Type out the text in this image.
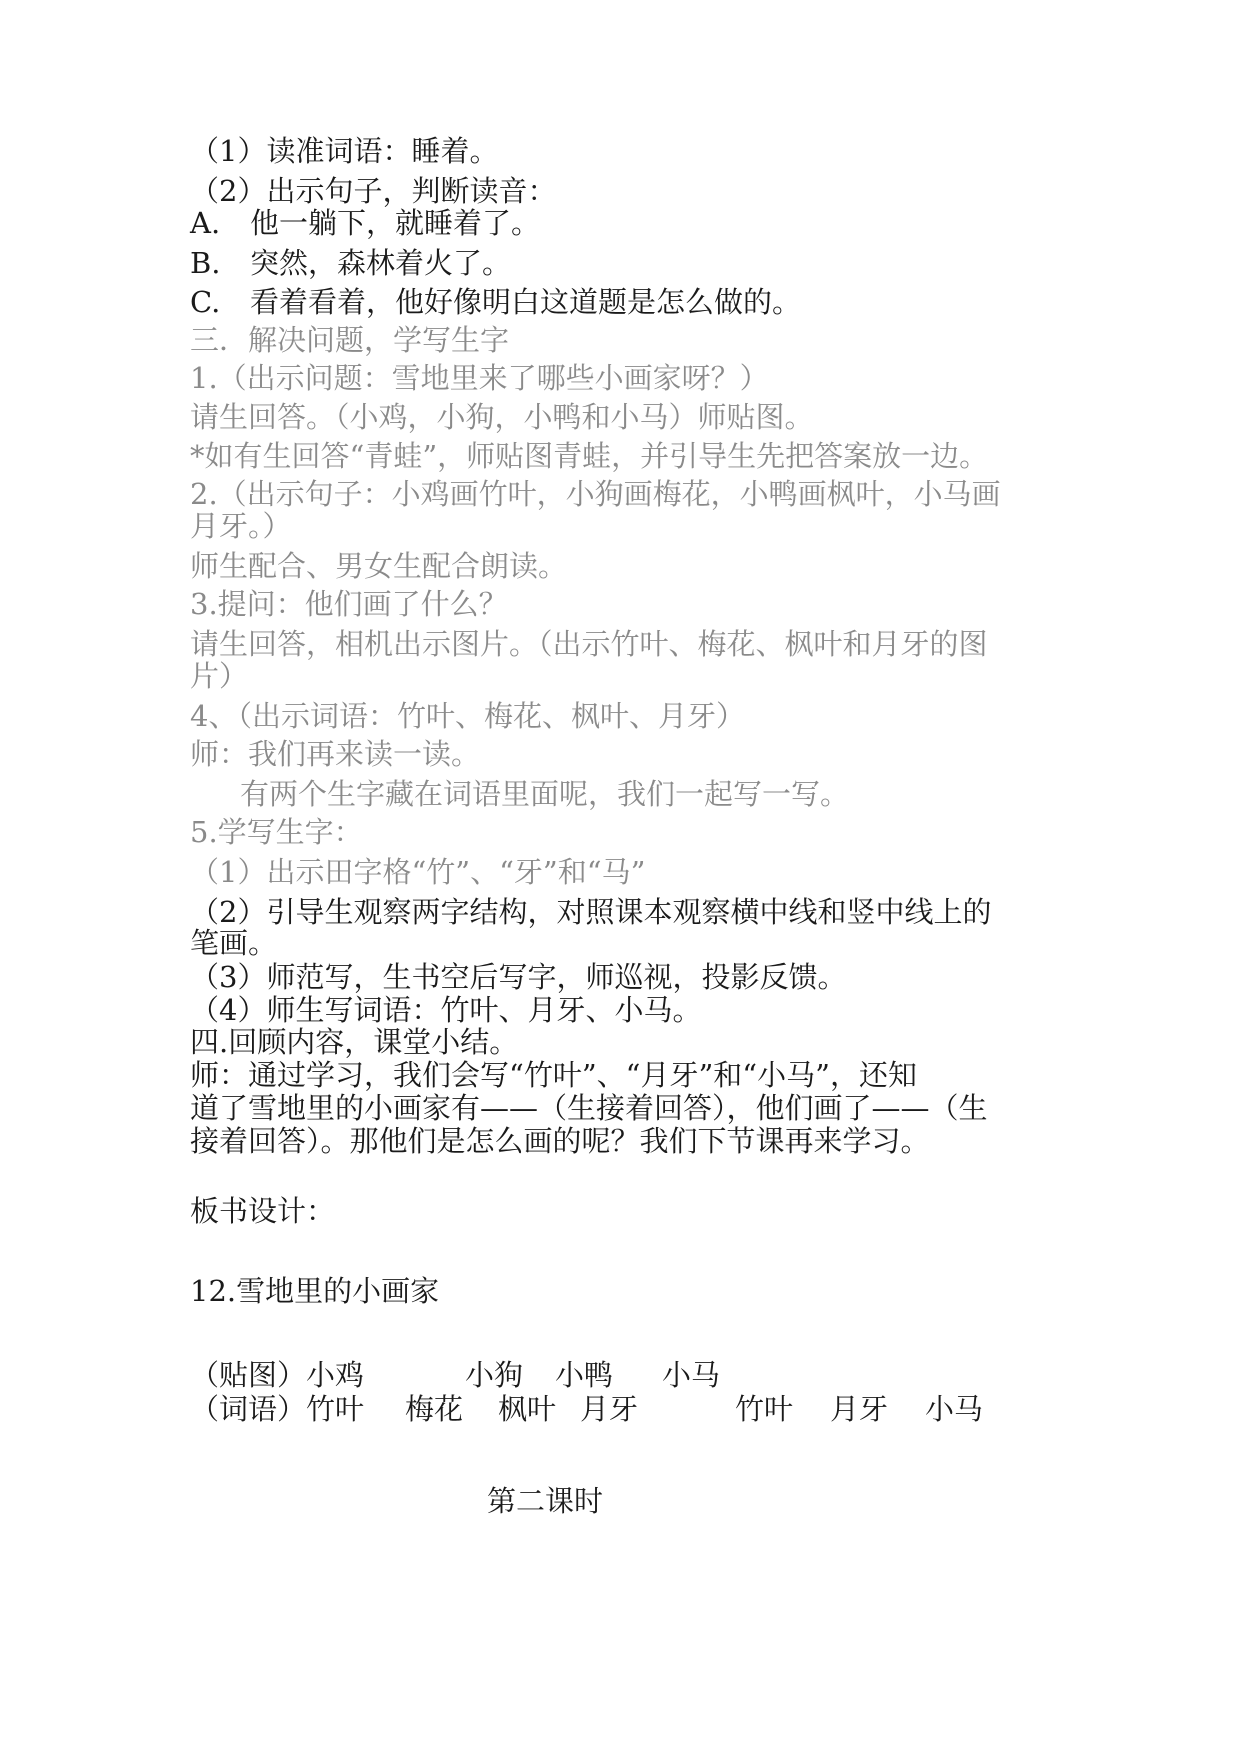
（1）读准词语：睡着。
（2）出示句子，判断读音：
A. 他一躺下，就睡着了。
B. 突然，森林着火了。
C. 看着看着，他好像明白这道题是怎么做的。
三．解决问题，学写生字
1.（出示问题：雪地里来了哪些小画家呀？）
请生回答。（小鸡，小狗，小鸭和小马）师贴图。
*如有生回答“青蛙”，师贴图青蛙，并引导生先把答案放一边。
2.（出示句子：小鸡画竹叶，小狗画梅花，小鸭画枫叶，小马画
月牙。）
师生配合、男女生配合朗读。
3.提问：他们画了什么？
请生回答，相机出示图片。（出示竹叶、梅花、枫叶和月牙的图
片）
4、（出示词语：竹叶、梅花、枫叶、月牙）
师：我们再来读一读。
有两个生字藏在词语里面呢，我们一起写一写。
5.学写生字：
（1）出示田字格“竹”、“牙”和“马”
（2）引导生观察两字结构，对照课本观察横中线和竖中线上的
笔画。
（3）师范写，生书空后写字，师巡视，投影反馈。
（4）师生写词语：竹叶、月牙、小马。
四.回顾内容，课堂小结。
师：通过学习，我们会写“竹叶”、“月牙”和“小马”，还知
道了雪地里的小画家有——（生接着回答），他们画了——（生
接着回答）。那他们是怎么画的呢？我们下节课再来学习。
板书设计：
12.雪地里的小画家
（贴图）小鸡	小狗 小鸭 小马
（词语）竹叶 梅花 枫叶 月牙	竹叶 月牙 小马
第二课时
